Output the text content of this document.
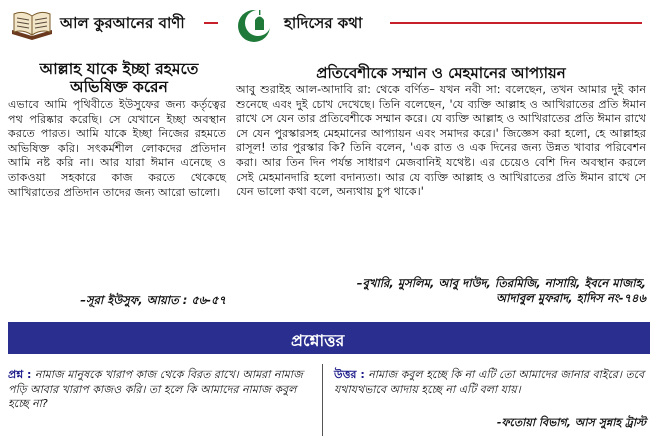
আল কুরআনের বাণী
আল্লাহ যাকে ইচ্ছা রহমতে
অভিষিক্ত করেন
এভাবে আমি পৃথিবীতে ইউসুফের জন্য কর্তৃত্বের পথ পরিষ্কার করেছি। সে যেখানে ইচ্ছা অবস্থান করতে পারত। আমি যাকে ইচ্ছা নিজের রহমতে অভিষিক্ত করি। সৎকর্মশীল লোকদের প্রতিদান আমি নষ্ট করি না। আর যারা ঈমান এনেছে ও তাকওয়া সহকারে কাজ করতে থেকেছে আখিরাতের প্রতিদান তাদের জন্য আরো ভালো।
–সূরা ইউসুফ, আয়াত : ৫৬-৫৭
হাদিসের কথা
প্রতিবেশীকে সম্মান ও মেহমানের আপ্যায়ন
আবু শুরাইহ আল-আদাবি রা: থেকে বর্ণিত– যখন নবী সা: বলেছেন, তখন আমার দুই কান শুনেছে এবং দুই চোখ দেখেছে। তিনি বলেছেন, 'যে ব্যক্তি আল্লাহ ও আখিরাতের প্রতি ঈমান রাখে সে যেন তার প্রতিবেশীকে সম্মান করে। যে ব্যক্তি আল্লাহ ও আখিরাতের প্রতি ঈমান রাখে সে যেন পুরস্কারসহ মেহমানের আপ্যায়ন এবং সমাদর করে।' জিজ্ঞেস করা হলো, হে আল্লাহর রাসূল! তার পুরস্কার কি? তিনি বলেন, 'এক রাত ও এক দিনের জন্য উন্নত খাবার পরিবেশন করা। আর তিন দিন পর্যন্ত সাধারণ মেজবানিই যথেষ্ট। এর চেয়েও বেশি দিন অবস্থান করলে সেই মেহমানদারি হলো বদান্যতা। আর যে ব্যক্তি আল্লাহ ও আখিরাতের প্রতি ঈমান রাখে সে যেন ভালো কথা বলে, অন্যথায় চুপ থাকে।'
–বুখারি, মুসলিম, আবু দাউদ, তিরমিজি, নাসায়ি, ইবনে মাজাহ,
আদাবুল মুফরাদ, হাদিস নং-৭৪৬
প্রশ্নোত্তর
প্রশ্ন : নামাজ মানুষকে খারাপ কাজ থেকে বিরত রাখে। আমরা নামাজ পড়ি আবার খারাপ কাজও করি। তা হলে কি আমাদের নামাজ কবুল হচ্ছে না?
উত্তর : নামাজ কবুল হচ্ছে কি না এটি তো আমাদের জানার বাইরে। তবে যথাযথভাবে আদায় হচ্ছে না এটি বলা যায়।
-ফতোয়া বিভাগ, আস সুন্নাহ ট্রাস্ট
